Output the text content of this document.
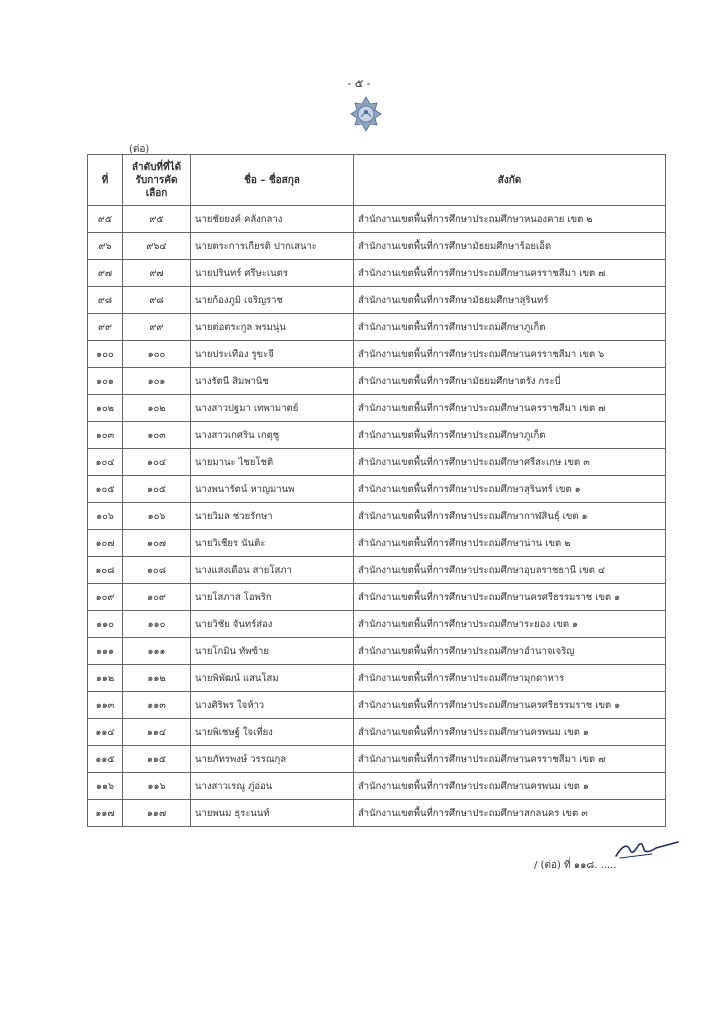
- ๕ -
(ต่อ)
ที่	ลำดับที่ที่ได้รับการคัดเลือก	ชื่อ – ชื่อสกุล	สังกัด
๙๕	๙๕	นายชัยยงค์ คลังกลาง	สำนักงานเขตพื้นที่การศึกษาประถมศึกษาหนองคาย เขต ๒
๙๖	๙๖๔	นายตระการเกียรติ ปากเสนาะ	สำนักงานเขตพื้นที่การศึกษามัธยมศึกษาร้อยเอ็ด
๙๗	๙๗	นายปรินทร์ ศรีษะเนตร	สำนักงานเขตพื้นที่การศึกษาประถมศึกษานครราชสีมา เขต ๗
๙๘	๙๘	นายก้องภูมิ เจริญราช	สำนักงานเขตพื้นที่การศึกษามัธยมศึกษาสุรินทร์
๙๙	๙๙	นายต่อตระกูล พรมนุ่น	สำนักงานเขตพื้นที่การศึกษาประถมศึกษาภูเก็ต
๑๐๐	๑๐๐	นายประเทือง รูขะจี	สำนักงานเขตพื้นที่การศึกษาประถมศึกษานครราชสีมา เขต ๖
๑๐๑	๑๐๑	นางรัตนี สิมพานิช	สำนักงานเขตพื้นที่การศึกษามัธยมศึกษาตรัง กระบี่
๑๐๒	๑๐๒	นางสาวปฐมา เทพามาตย์	สำนักงานเขตพื้นที่การศึกษาประถมศึกษานครราชสีมา เขต ๗
๑๐๓	๑๐๓	นางสาวเกศริน เกตุชู	สำนักงานเขตพื้นที่การศึกษาประถมศึกษาภูเก็ต
๑๐๔	๑๐๔	นายมานะ ไชยโชติ	สำนักงานเขตพื้นที่การศึกษาประถมศึกษาศรีสะเกษ เขต ๓
๑๐๕	๑๐๕	นางพนารัตน์ หาญมานพ	สำนักงานเขตพื้นที่การศึกษาประถมศึกษาสุรินทร์ เขต ๑
๑๐๖	๑๐๖	นายวิมล ช่วยรักษา	สำนักงานเขตพื้นที่การศึกษาประถมศึกษากาฬสินธุ์ เขต ๑
๑๐๗	๑๐๗	นายวิเชียร นันติะ	สำนักงานเขตพื้นที่การศึกษาประถมศึกษาน่าน เขต ๒
๑๐๘	๑๐๘	นางแสงเดือน สายโสภา	สำนักงานเขตพื้นที่การศึกษาประถมศึกษาอุบลราชธานี เขต ๔
๑๐๙	๑๐๙	นายโสภาส โอพริก	สำนักงานเขตพื้นที่การศึกษาประถมศึกษานครศรีธรรมราช เขต ๑
๑๑๐	๑๑๐	นายวิชัย จันทร์ส่อง	สำนักงานเขตพื้นที่การศึกษาประถมศึกษาระยอง เขต ๑
๑๑๑	๑๑๑	นายโกมิน ทัพซ้าย	สำนักงานเขตพื้นที่การศึกษาประถมศึกษาอำนาจเจริญ
๑๑๒	๑๑๒	นายพิพัฒน์ แสนโสม	สำนักงานเขตพื้นที่การศึกษาประถมศึกษามุกดาหาร
๑๑๓	๑๑๓	นางศิริพร ใจห้าว	สำนักงานเขตพื้นที่การศึกษาประถมศึกษานครศรีธรรมราช เขต ๑
๑๑๔	๑๑๔	นายพิเชษฐ์ ใจเที่ยง	สำนักงานเขตพื้นที่การศึกษาประถมศึกษานครพนม เขต ๑
๑๑๕	๑๑๕	นายภัทรพงษ์ วรรณกุล	สำนักงานเขตพื้นที่การศึกษาประถมศึกษานครราชสีมา เขต ๗
๑๑๖	๑๑๖	นางสาวเรณู ภู่อ่อน	สำนักงานเขตพื้นที่การศึกษาประถมศึกษานครพนม เขต ๑
๑๑๗	๑๑๗	นายพนม ธุระนนท์	สำนักงานเขตพื้นที่การศึกษาประถมศึกษาสกลนคร เขต ๓
/ (ต่อ) ที่ ๑๑๘. .....
